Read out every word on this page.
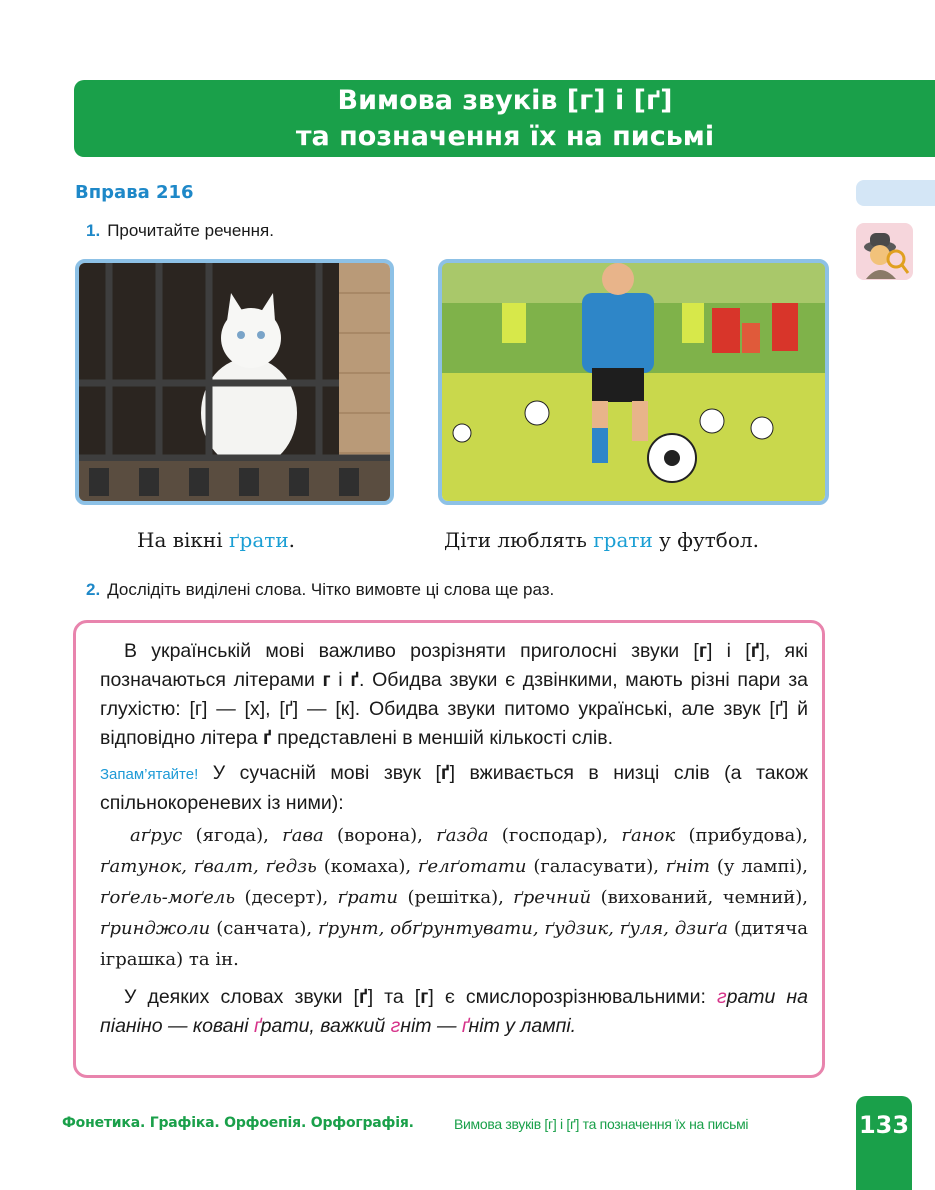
Вимова звуків [г] і [ґ]
та позначення їх на письмі
Вправа 216
1. Прочитайте речення.
На вікні ґрати.	Діти люблять грати у футбол.
2. Дослідіть виділені слова. Чітко вимовте ці слова ще раз.

В українській мові важливо розрізняти приголосні звуки [г] і [ґ], які позначаються літерами г і ґ. Обидва звуки є дзвінкими, мають різні пари за глухістю: [г] — [х], [ґ] — [к]. Обидва звуки питомо українські, але звук [ґ] й відповідно літера ґ представлені в меншій кількості слів.

Запам’ятайте! У сучасній мові звук [ґ] вживається в низці слів (а також спільнокореневих із ними):

аґрус (ягода), ґава (ворона), ґазда (господар), ґанок (прибудова), ґатунок, ґвалт, ґедзь (комаха), ґелґотати (галасувати), ґніт (у лампі), ґоґель-моґель (десерт), ґрати (решітка), ґречний (вихований, чемний), ґринджоли (санчата), ґрунт, обґрунтувати, ґудзик, ґуля, дзиґа (дитяча іграшка) та ін.

У деяких словах звуки [ґ] та [г] є смислорозрізнювальними: грати на піаніно — ковані ґрати, важкий гніт — ґніт у лампі.

Фонетика. Графіка. Орфоепія. Орфографія.	Вимова звуків [г] і [ґ] та позначення їх на письмі	133
